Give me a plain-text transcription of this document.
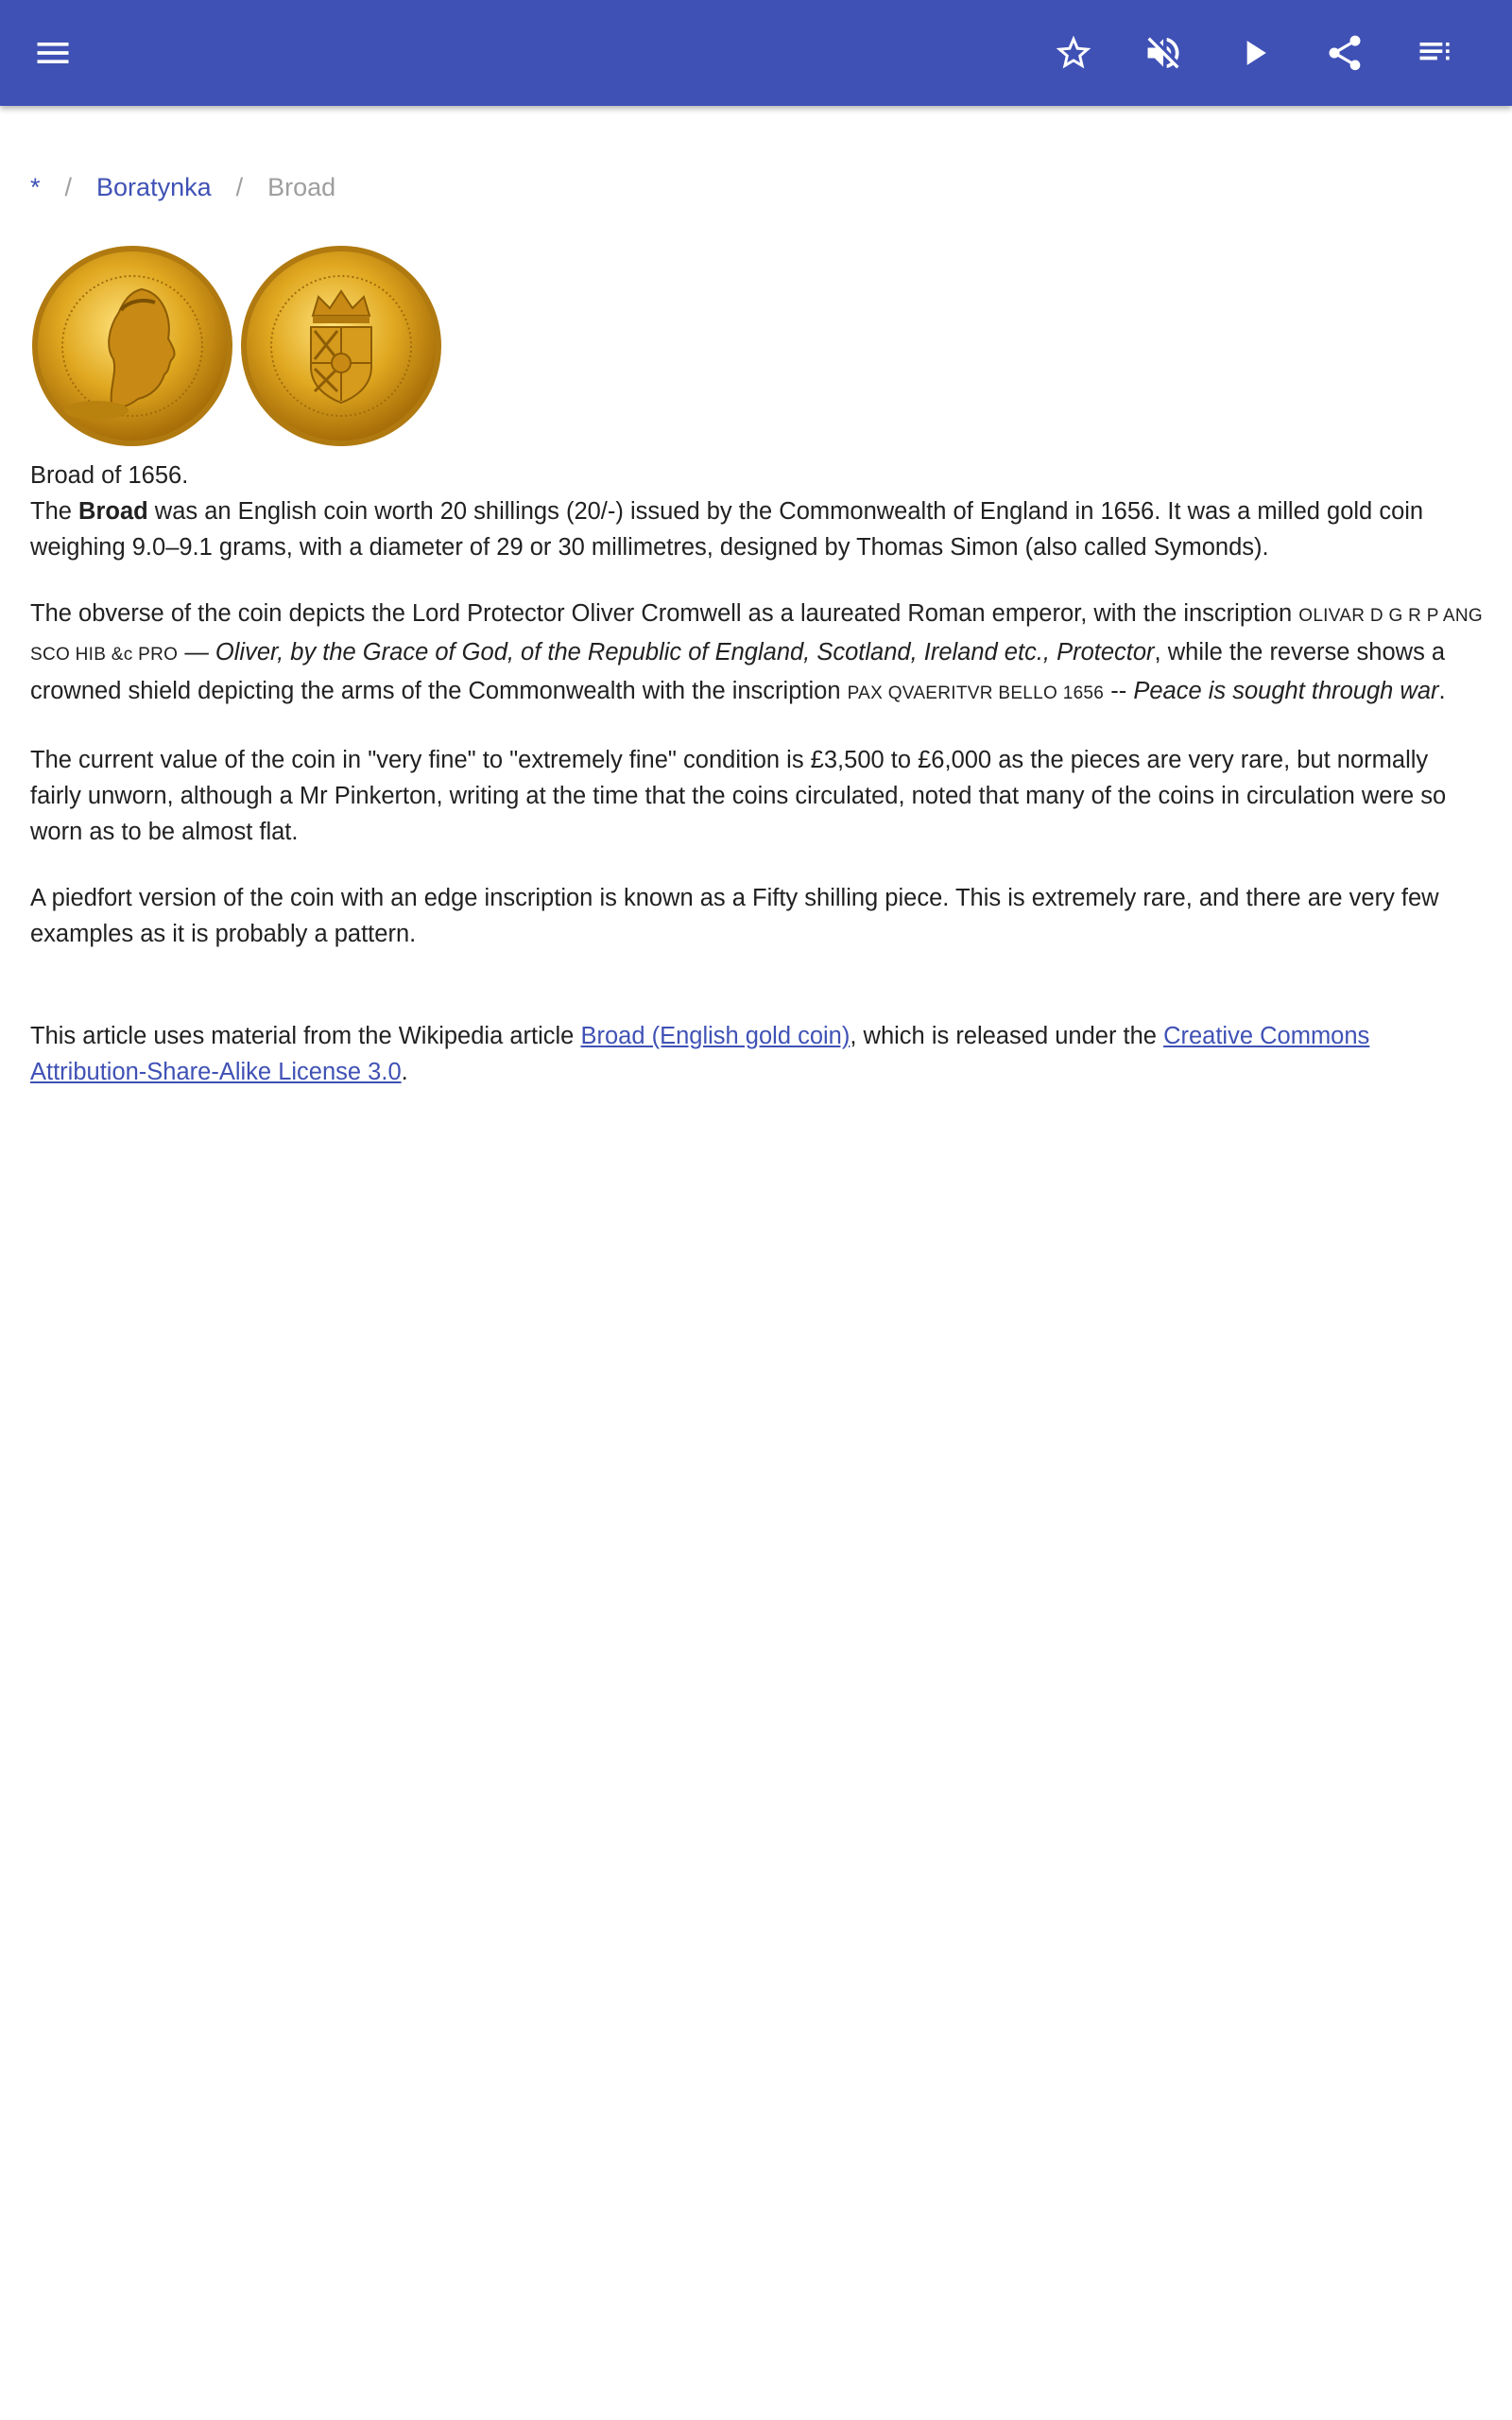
* / Boratynka / Broad

Broad of 1656.

The Broad was an English coin worth 20 shillings (20/-) issued by the Commonwealth of England in 1656. It was a milled gold coin weighing 9.0–9.1 grams, with a diameter of 29 or 30 millimetres, designed by Thomas Simon (also called Symonds).

The obverse of the coin depicts the Lord Protector Oliver Cromwell as a laureated Roman emperor, with the inscription OLIVAR D G R P ANG SCO HIB &c PRO — Oliver, by the Grace of God, of the Republic of England, Scotland, Ireland etc., Protector, while the reverse shows a crowned shield depicting the arms of the Commonwealth with the inscription PAX QVAERITVR BELLO 1656 -- Peace is sought through war.

The current value of the coin in "very fine" to "extremely fine" condition is £3,500 to £6,000 as the pieces are very rare, but normally fairly unworn, although a Mr Pinkerton, writing at the time that the coins circulated, noted that many of the coins in circulation were so worn as to be almost flat.

A piedfort version of the coin with an edge inscription is known as a Fifty shilling piece. This is extremely rare, and there are very few examples as it is probably a pattern.

This article uses material from the Wikipedia article Broad (English gold coin), which is released under the Creative Commons Attribution-Share-Alike License 3.0.
